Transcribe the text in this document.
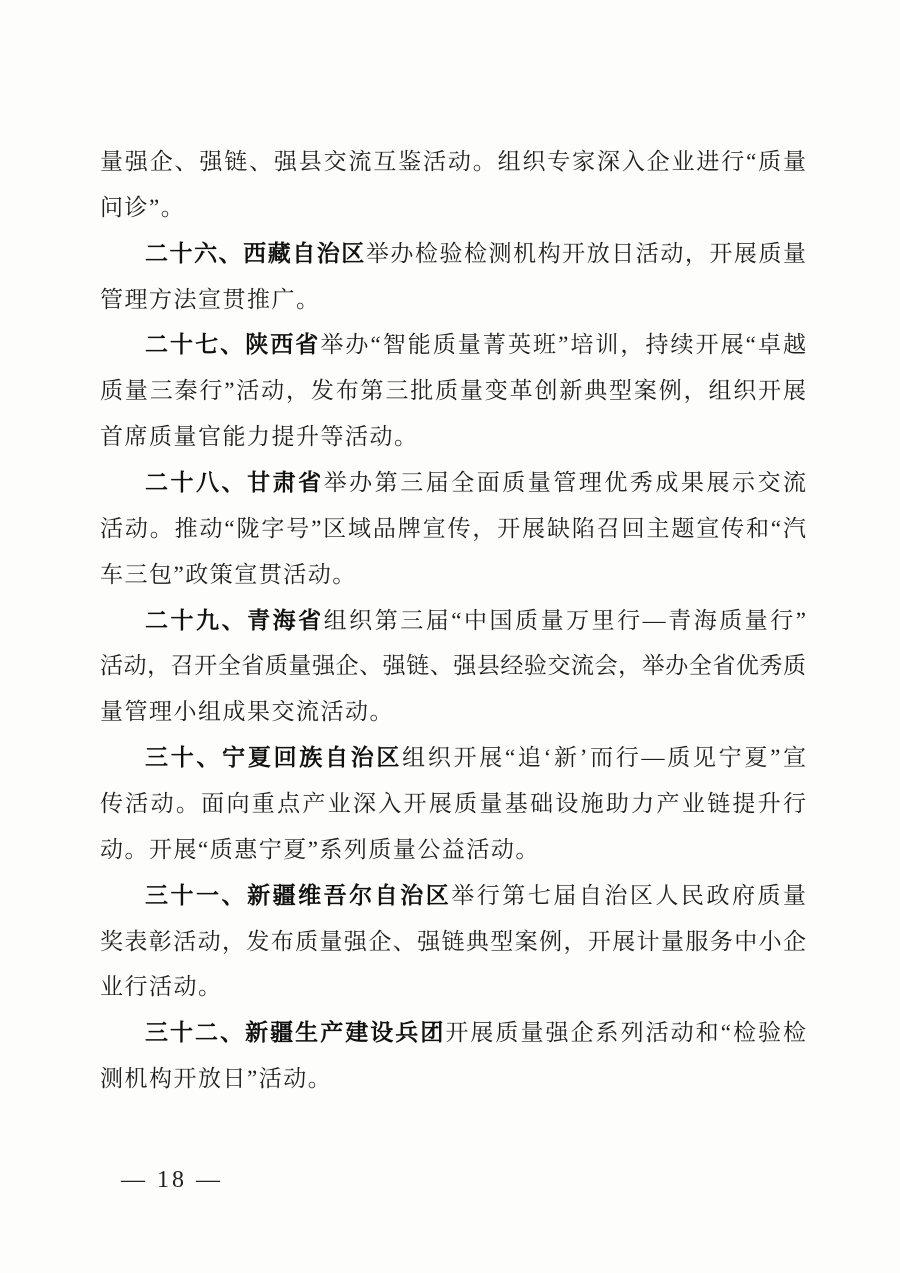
量强企、强链、强县交流互鉴活动。组织专家深入企业进行“质量
问诊”。
二十六、西藏自治区举办检验检测机构开放日活动，开展质量
管理方法宣贯推广。
二十七、陕西省举办“智能质量菁英班”培训，持续开展“卓越
质量三秦行”活动，发布第三批质量变革创新典型案例，组织开展
首席质量官能力提升等活动。
二十八、甘肃省举办第三届全面质量管理优秀成果展示交流
活动。推动“陇字号”区域品牌宣传，开展缺陷召回主题宣传和“汽
车三包”政策宣贯活动。
二十九、青海省组织第三届“中国质量万里行—青海质量行”
活动，召开全省质量强企、强链、强县经验交流会，举办全省优秀质
量管理小组成果交流活动。
三十、宁夏回族自治区组织开展“追‘新’而行—质见宁夏”宣
传活动。面向重点产业深入开展质量基础设施助力产业链提升行
动。开展“质惠宁夏”系列质量公益活动。
三十一、新疆维吾尔自治区举行第七届自治区人民政府质量
奖表彰活动，发布质量强企、强链典型案例，开展计量服务中小企
业行活动。
三十二、新疆生产建设兵团开展质量强企系列活动和“检验检
测机构开放日”活动。
— 18 —
